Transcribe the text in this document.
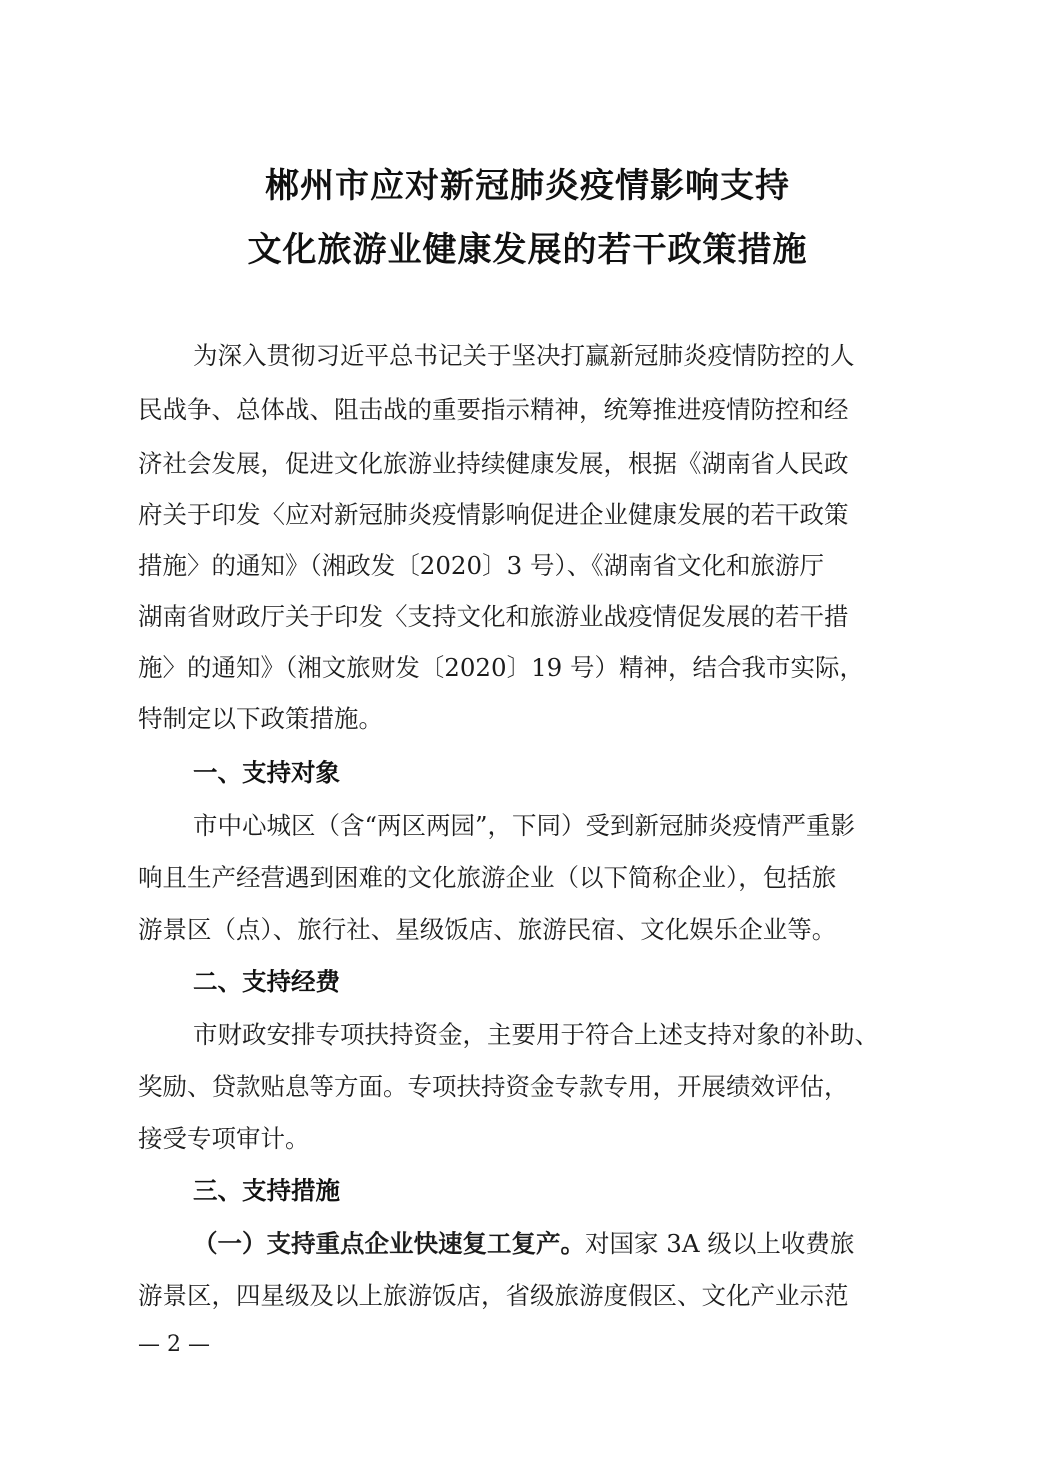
郴州市应对新冠肺炎疫情影响支持
文化旅游业健康发展的若干政策措施
为深入贯彻习近平总书记关于坚决打赢新冠肺炎疫情防控的人
民战争、总体战、阻击战的重要指示精神，统筹推进疫情防控和经
济社会发展，促进文化旅游业持续健康发展，根据《湖南省人民政
府关于印发〈应对新冠肺炎疫情影响促进企业健康发展的若干政策
措施〉的通知》（湘政发〔2020〕3 号）、《湖南省文化和旅游厅
湖南省财政厅关于印发〈支持文化和旅游业战疫情促发展的若干措
施〉的通知》（湘文旅财发〔2020〕19 号）精神，结合我市实际，
特制定以下政策措施。
一、支持对象
市中心城区（含“两区两园”，下同）受到新冠肺炎疫情严重影
响且生产经营遇到困难的文化旅游企业（以下简称企业），包括旅
游景区（点）、旅行社、星级饭店、旅游民宿、文化娱乐企业等。
二、支持经费
市财政安排专项扶持资金，主要用于符合上述支持对象的补助、
奖励、贷款贴息等方面。专项扶持资金专款专用，开展绩效评估，
接受专项审计。
三、支持措施
（一）支持重点企业快速复工复产。对国家 3A 级以上收费旅
游景区，四星级及以上旅游饭店，省级旅游度假区、文化产业示范
— 2 —
